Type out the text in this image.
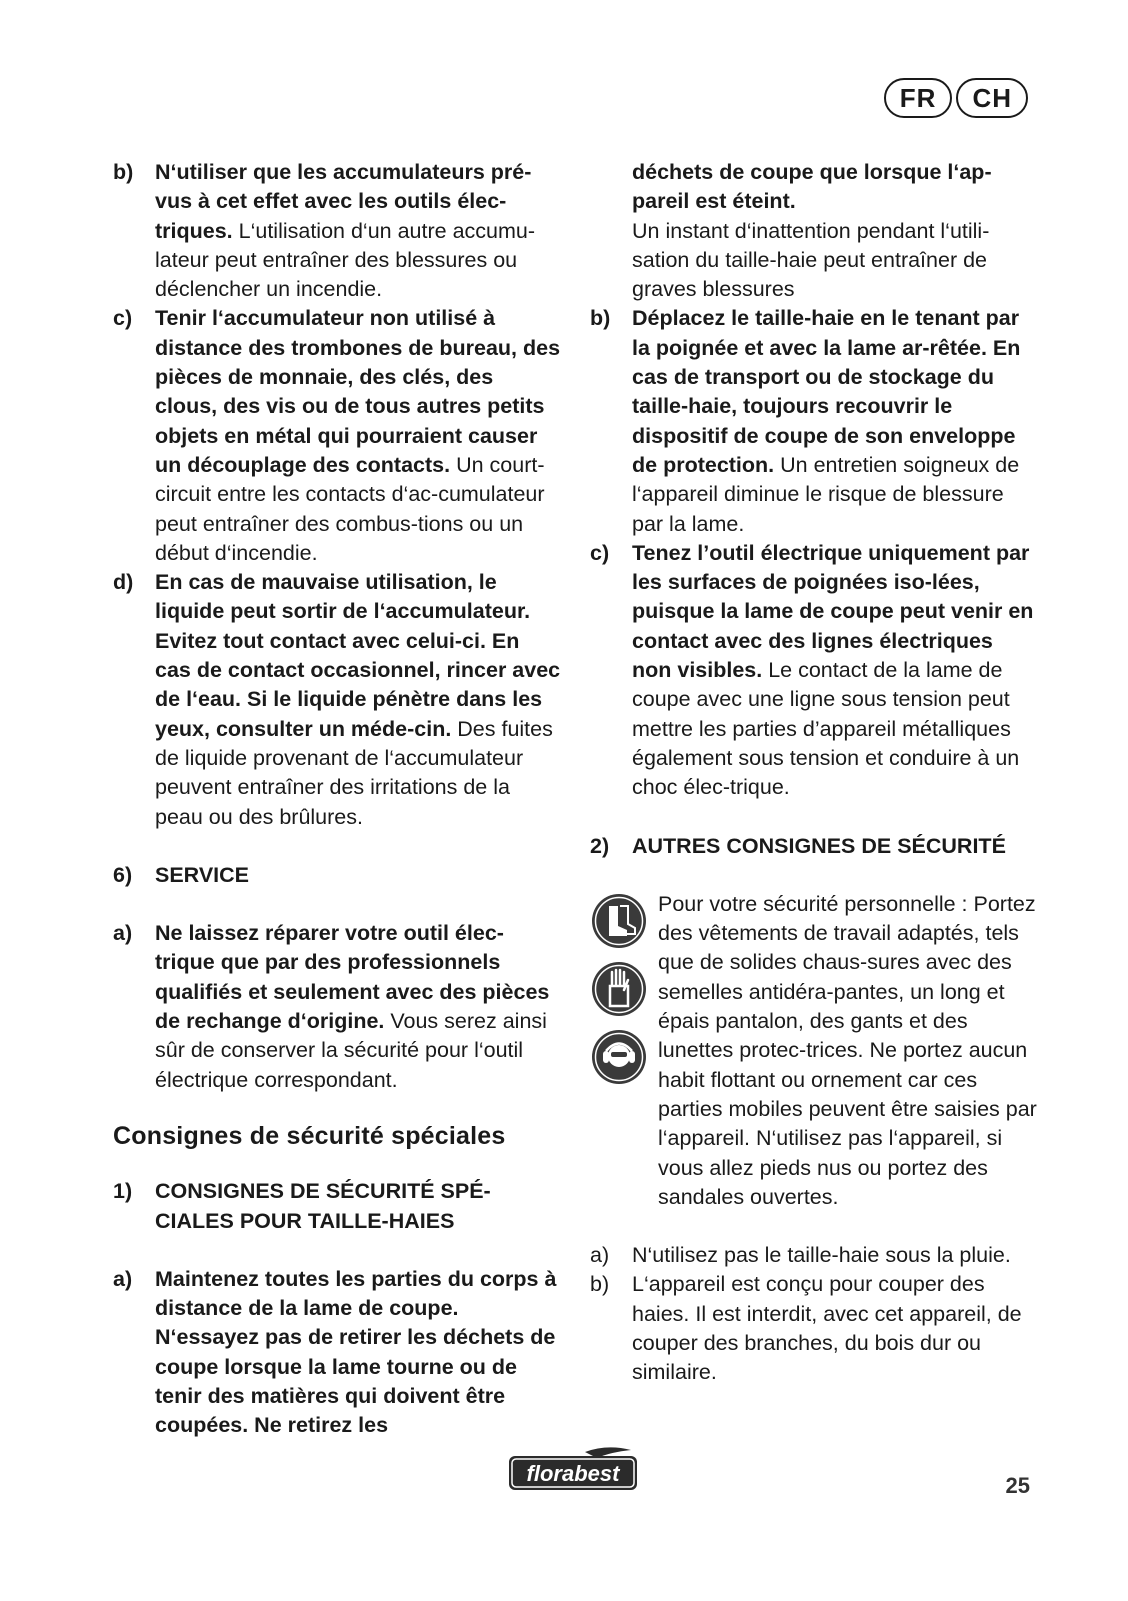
FR	CH
b)	N‘utiliser que les accumulateurs pré-vus à cet effet avec les outils élec-triques. L‘utilisation d‘un autre accumu-lateur peut entraîner des blessures ou déclencher un incendie.
c)	Tenir l‘accumulateur non utilisé à distance des trombones de bureau, des pièces de monnaie, des clés, des clous, des vis ou de tous autres petits objets en métal qui pourraient causer un découplage des contacts. Un court-circuit entre les contacts d‘ac-cumulateur peut entraîner des combus-tions ou un début d‘incendie.
d)	En cas de mauvaise utilisation, le liquide peut sortir de l‘accumulateur. Evitez tout contact avec celui-ci. En cas de contact occasionnel, rincer avec de l‘eau. Si le liquide pénètre dans les yeux, consulter un méde-cin. Des fuites de liquide provenant de l‘accumulateur peuvent entraîner des irritations de la peau ou des brûlures.
6)	SERVICE
a)	Ne laissez réparer votre outil élec-trique que par des professionnels qualifiés et seulement avec des pièces de rechange d‘origine. Vous serez ainsi sûr de conserver la sécurité pour l‘outil électrique correspondant.
Consignes de sécurité spéciales
1)	CONSIGNES DE SÉCURITÉ SPÉ-CIALES POUR TAILLE-HAIES
a)	Maintenez toutes les parties du corps à distance de la lame de coupe. N‘essayez pas de retirer les déchets de coupe lorsque la lame tourne ou de tenir des matières qui doivent être coupées. Ne retirez les
déchets de coupe que lorsque l‘ap-pareil est éteint.
Un instant d‘inattention pendant l‘utili-sation du taille-haie peut entraîner de graves blessures
b)	Déplacez le taille-haie en le tenant par la poignée et avec la lame ar-rêtée. En cas de transport ou de stockage du taille-haie, toujours recouvrir le dispositif de coupe de son enveloppe de protection. Un entretien soigneux de l‘appareil diminue le risque de blessure par la lame.
c)	Tenez l’outil électrique uniquement par les surfaces de poignées iso-lées, puisque la lame de coupe peut venir en contact avec des lignes électriques non visibles. Le contact de la lame de coupe avec une ligne sous tension peut mettre les parties d’appareil métalliques également sous tension et conduire à un choc élec-trique.
2)	AUTRES CONSIGNES DE SÉCURITÉ
Pour votre sécurité personnelle : Portez des vêtements de travail adaptés, tels que de solides chaus-sures avec des semelles antidéra-pantes, un long et épais pantalon, des gants et des lunettes protec-trices. Ne portez aucun habit flottant ou ornement car ces parties mobiles peuvent être saisies par l‘appareil. N‘utilisez pas l‘appareil, si vous allez pieds nus ou portez des sandales ouvertes.
a)	N‘utilisez pas le taille-haie sous la pluie.
b)	L‘appareil est conçu pour couper des haies. Il est interdit, avec cet appareil, de couper des branches, du bois dur ou similaire.
florabest	25
